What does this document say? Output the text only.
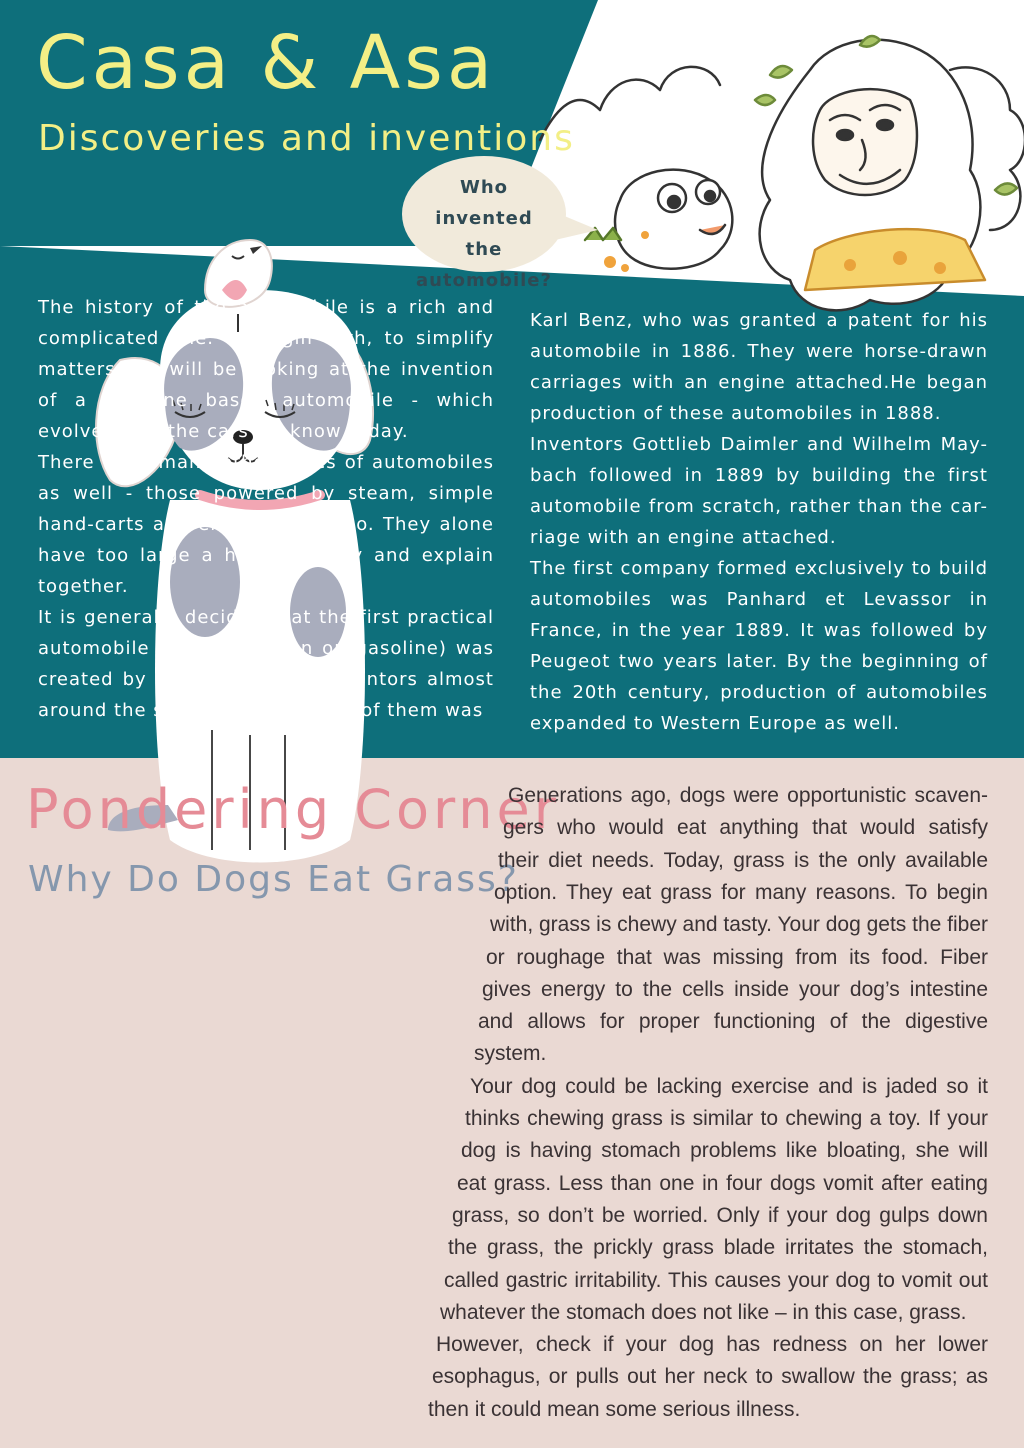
Casa & Asa
Discoveries and inventions
Who
invented the
automobile?

The history of the automobile is a rich and complicated one. To begin with, to simplify matters, we will be looking at the invention of a gasoline based automobile - which evolved into the cars we know today.

There were many other types of automobiles as well - those powered by steam, simple hand-carts and electric ones too. They alone have too large a history to try and explain together.

It is generally decided that the first practical automobile (which was run on gasoline) was created by several German inventors almost around the same time. The first of them was

Karl Benz, who was granted a patent for his automobile in 1886. They were horse-drawn carriages with an engine attached.He began production of these automobiles in 1888.

Inventors Gottlieb Daimler and Wilhelm May-bach followed in 1889 by building the first automobile from scratch, rather than the car-riage with an engine attached.

The first company formed exclusively to build automobiles was Panhard et Levassor in France, in the year 1889. It was followed by Peugeot two years later. By the beginning of the 20th century, production of automobiles expanded to Western Europe as well.

Pondering Corner
Why Do Dogs Eat Grass?
Generations ago, dogs were opportunistic scaven-
gers who would eat anything that would satisfy
their diet needs. Today, grass is the only available
option. They eat grass for many reasons. To begin
with, grass is chewy and tasty. Your dog gets the fiber
or roughage that was missing from its food. Fiber
gives energy to the cells inside your dog’s intestine
and allows for proper functioning of the digestive
system.
Your dog could be lacking exercise and is jaded so it
thinks chewing grass is similar to chewing a toy. If your
dog is having stomach problems like bloating, she will
eat grass. Less than one in four dogs vomit after eating
grass, so don’t be worried. Only if your dog gulps down
the grass, the prickly grass blade irritates the stomach,
called gastric irritability. This causes your dog to vomit out
whatever the stomach does not like – in this case, grass.
However, check if your dog has redness on her lower
esophagus, or pulls out her neck to swallow the grass; as
then it could mean some serious illness.
